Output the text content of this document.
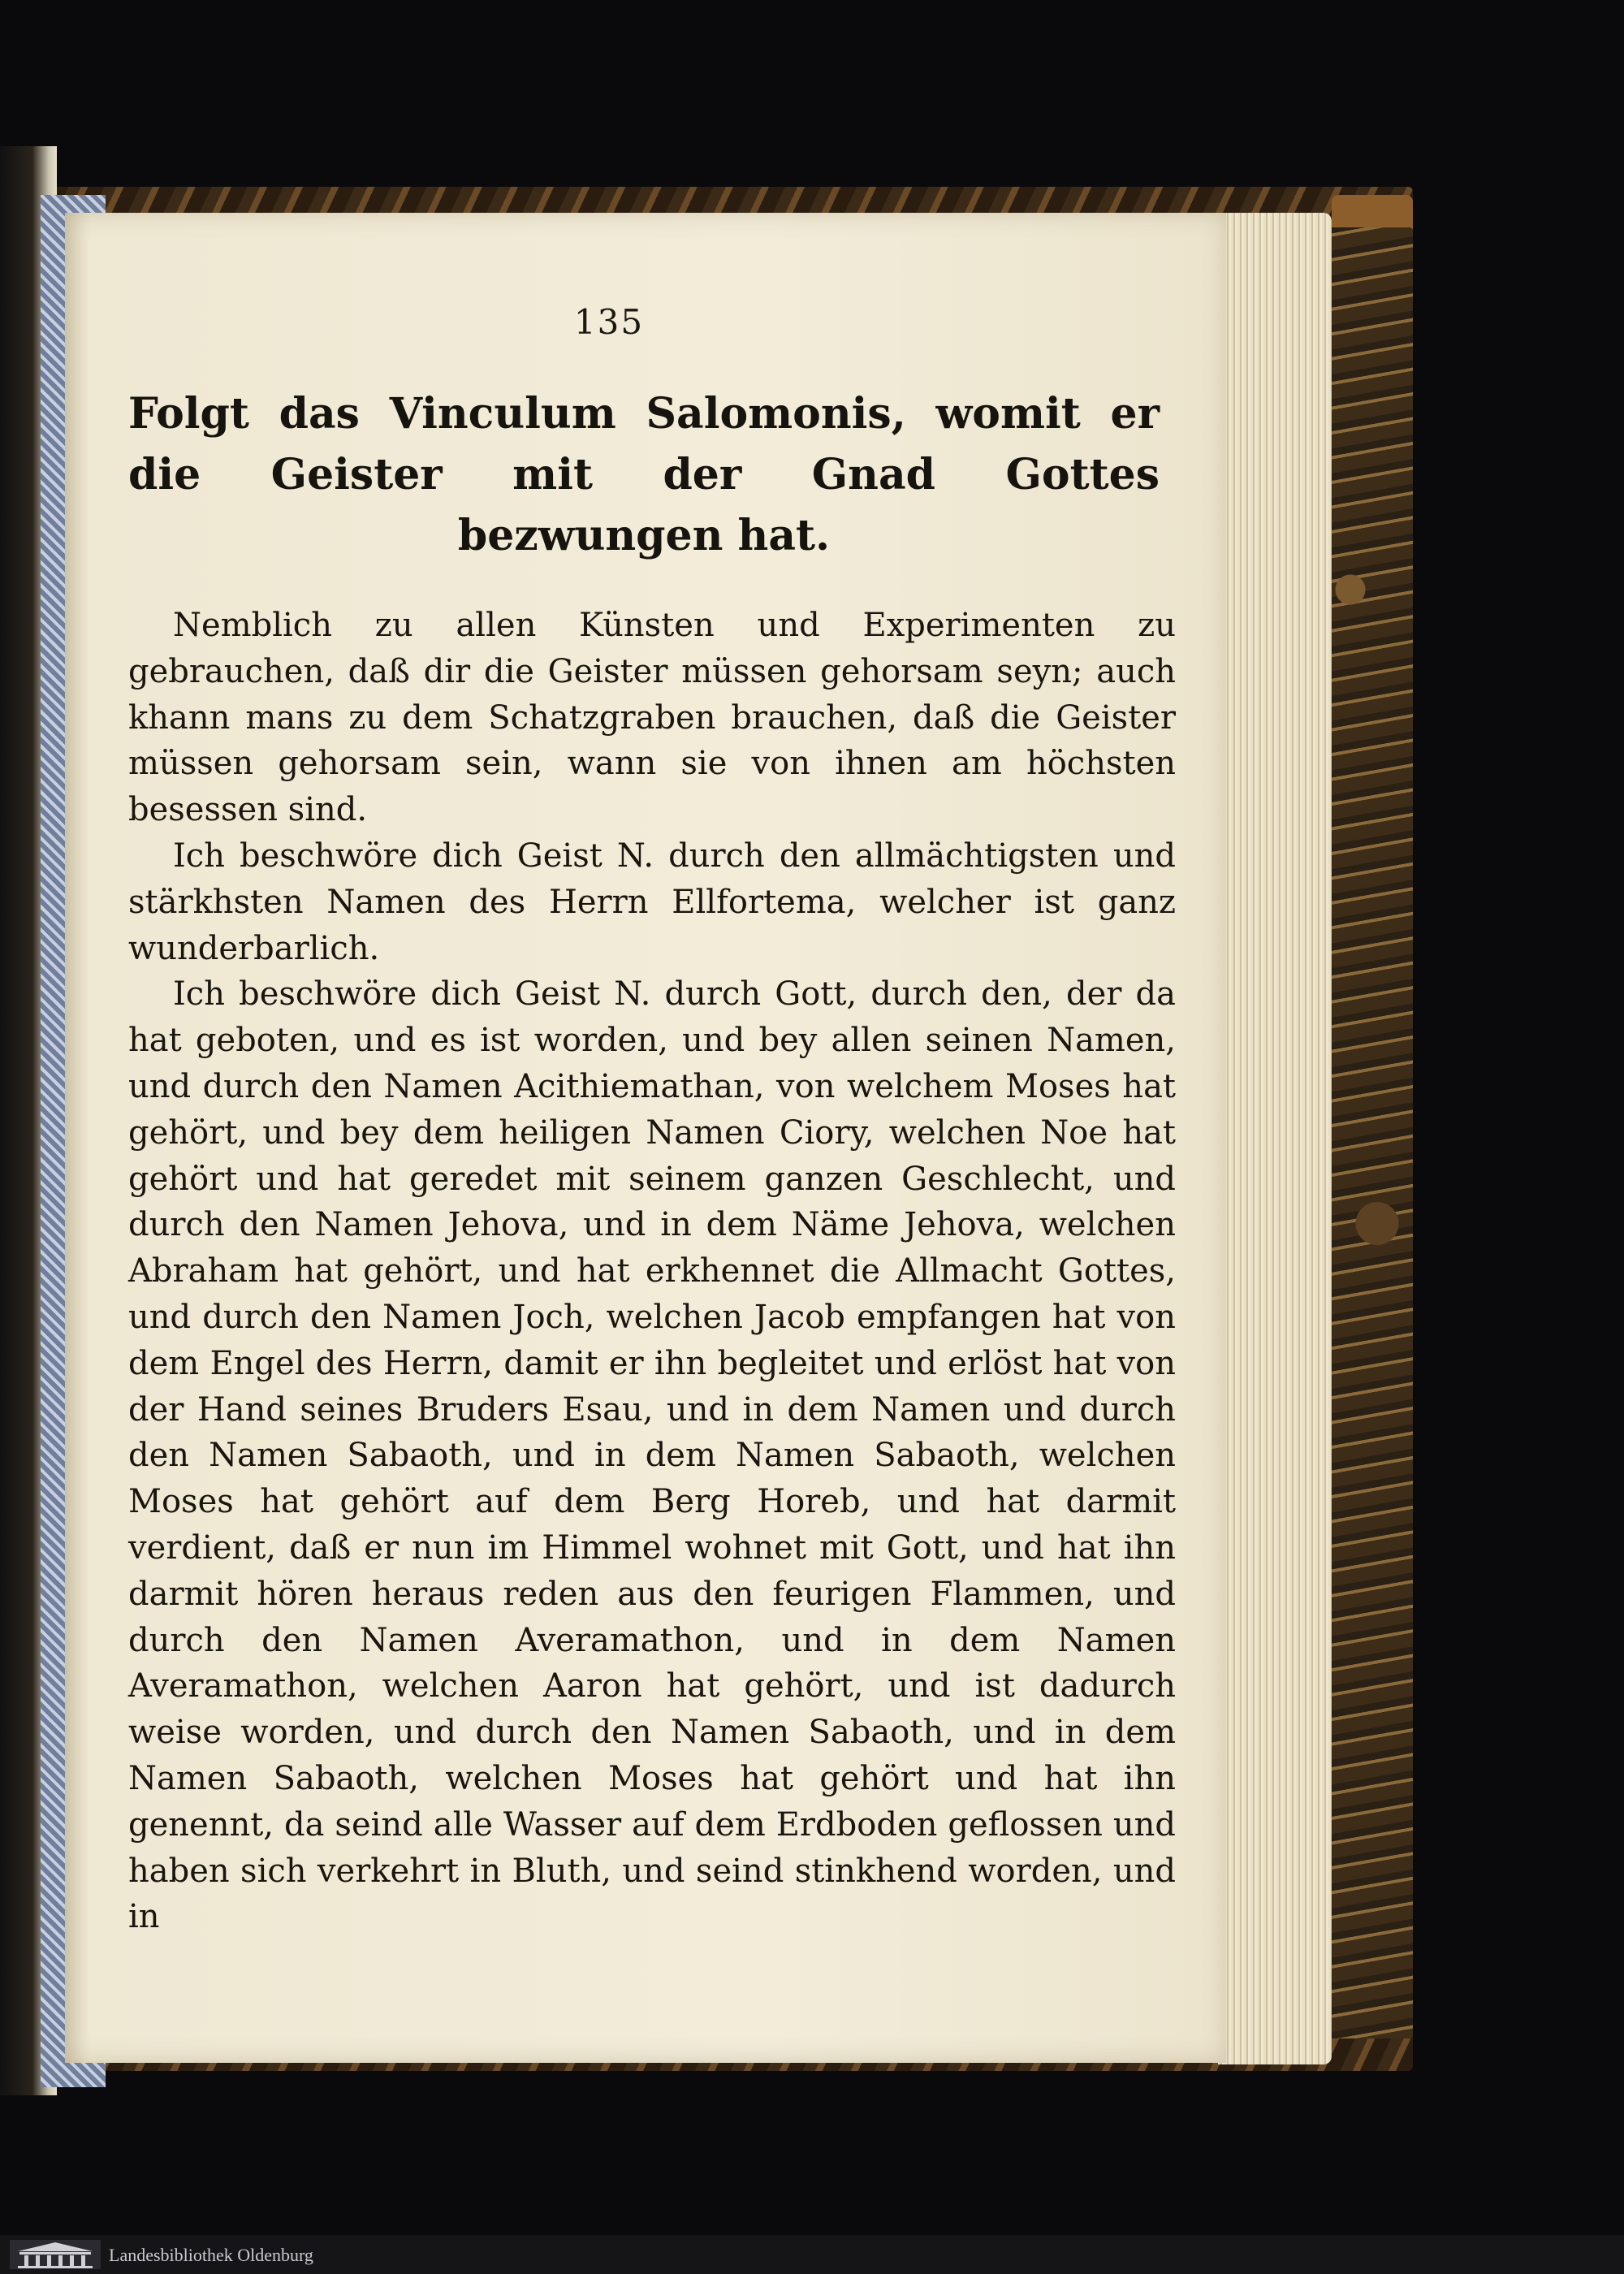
135
Folgt das Vinculum Salomonis, womit er die Geister mit der Gnad Gottes bezwungen hat.

Nemblich zu allen Künsten und Experimenten zu gebrauchen, daß dir die Geister müssen gehorsam seyn; auch khann mans zu dem Schatzgraben brauchen, daß die Geister müssen gehorsam sein, wann sie von ihnen am höchsten besessen sind.

Ich beschwöre dich Geist N. durch den allmächtigsten und stärkhsten Namen des Herrn Ellfortema, welcher ist ganz wunderbarlich.

Ich beschwöre dich Geist N. durch Gott, durch den, der da hat geboten, und es ist worden, und bey allen seinen Namen, und durch den Namen Acithiemathan, von welchem Moses hat gehört, und bey dem heiligen Namen Ciory, welchen Noe hat gehört und hat geredet mit seinem ganzen Geschlecht, und durch den Namen Jehova, und in dem Näme Jehova, welchen Abraham hat gehört, und hat erkhennet die Allmacht Gottes, und durch den Namen Joch, welchen Jacob empfangen hat von dem Engel des Herrn, damit er ihn begleitet und erlöst hat von der Hand seines Bruders Esau, und in dem Namen und durch den Namen Sabaoth, und in dem Namen Sabaoth, welchen Moses hat gehört auf dem Berg Horeb, und hat darmit verdient, daß er nun im Himmel wohnet mit Gott, und hat ihn darmit hören heraus reden aus den feurigen Flammen, und durch den Namen Averamathon, und in dem Namen Averamathon, welchen Aaron hat gehört, und ist dadurch weise worden, und durch den Namen Sabaoth, und in dem Namen Sabaoth, welchen Moses hat gehört und hat ihn genennt, da seind alle Wasser auf dem Erdboden geflossen und haben sich verkehrt in Bluth, und seind stinkhend worden, und in

Landesbibliothek Oldenburg
